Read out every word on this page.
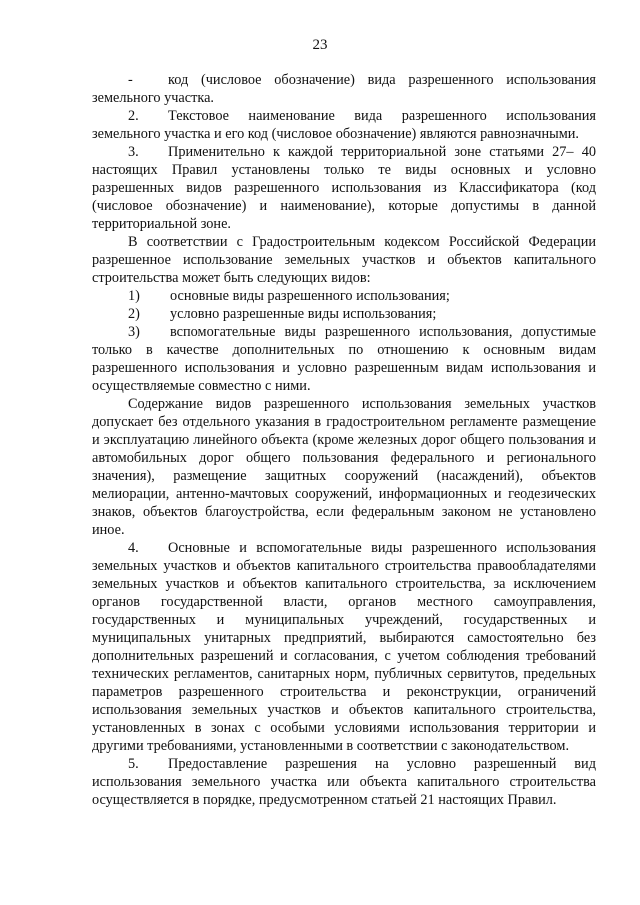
23

- код (числовое обозначение) вида разрешенного использования земельного участка.

2. Текстовое наименование вида разрешенного использования земельного участка и его код (числовое обозначение) являются равнозначными.

3. Применительно к каждой территориальной зоне статьями 27– 40 настоящих Правил установлены только те виды основных и условно разрешенных видов разрешенного использования из Классификатора (код (числовое обозначение) и наименование), которые допустимы в данной территориальной зоне.

В соответствии с Градостроительным кодексом Российской Федерации разрешенное использование земельных участков и объектов капитального строительства может быть следующих видов:

1) основные виды разрешенного использования;

2) условно разрешенные виды использования;

3) вспомогательные виды разрешенного использования, допустимые только в качестве дополнительных по отношению к основным видам разрешенного использования и условно разрешенным видам использования и осуществляемые совместно с ними.

Содержание видов разрешенного использования земельных участков допускает без отдельного указания в градостроительном регламенте размещение и эксплуатацию линейного объекта (кроме железных дорог общего пользования и автомобильных дорог общего пользования федерального и регионального значения), размещение защитных сооружений (насаждений), объектов мелиорации, антенно-мачтовых сооружений, информационных и геодезических знаков, объектов благоустройства, если федеральным законом не установлено иное.

4. Основные и вспомогательные виды разрешенного использования земельных участков и объектов капитального строительства правообладателями земельных участков и объектов капитального строительства, за исключением органов государственной власти, органов местного самоуправления, государственных и муниципальных учреждений, государственных и муниципальных унитарных предприятий, выбираются самостоятельно без дополнительных разрешений и согласования, с учетом соблюдения требований технических регламентов, санитарных норм, публичных сервитутов, предельных параметров разрешенного строительства и реконструкции, ограничений использования земельных участков и объектов капитального строительства, установленных в зонах с особыми условиями использования территории и другими требованиями, установленными в соответствии с законодательством.

5. Предоставление разрешения на условно разрешенный вид использования земельного участка или объекта капитального строительства осуществляется в порядке, предусмотренном статьей 21 настоящих Правил.
